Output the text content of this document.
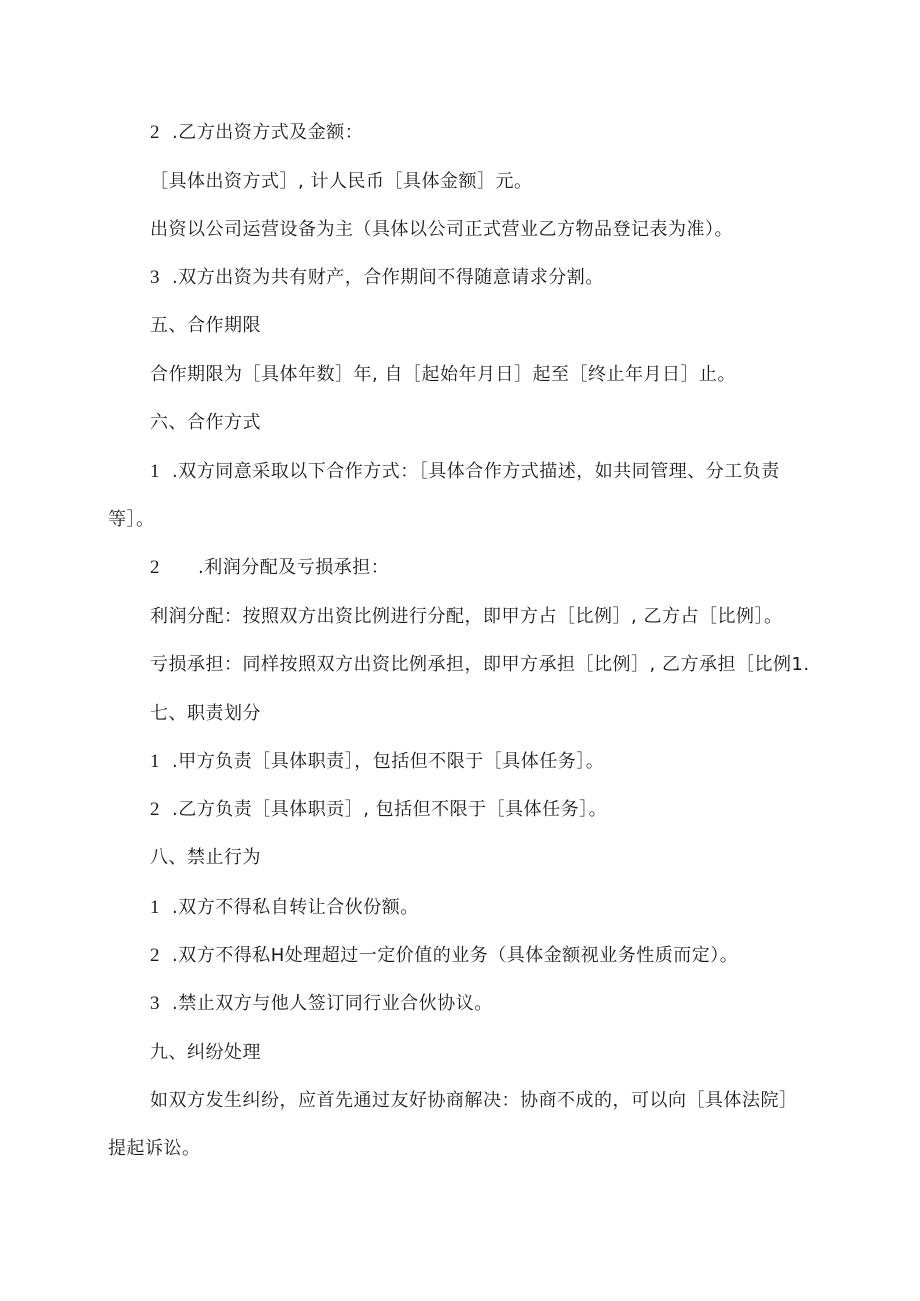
2 .乙方出资方式及金额：
［具体出资方式］, 计人民币［具体金额］元。
出资以公司运营设备为主（具体以公司正式营业乙方物品登记表为准）。
3 .双方出资为共有财产，合作期间不得随意请求分割。
五、合作期限
合作期限为［具体年数］年, 自［起始年月日］起至［终止年月日］止。
六、合作方式
1 .双方同意采取以下合作方式：［具体合作方式描述，如共同管理、分工负责
等］。
2 .利润分配及亏损承担：
利润分配：按照双方出资比例进行分配，即甲方占［比例］, 乙方占［比例］。
亏损承担：同样按照双方出资比例承担，即甲方承担［比例］, 乙方承担［比例1.
七、职责划分
1 .甲方负责［具体职责］，包括但不限于［具体任务］。
2 .乙方负责［具体职贡］, 包括但不限于［具体任务］。
八、禁止行为
1 .双方不得私自转让合伙份额。
2 .双方不得私H处理超过一定价值的业务（具体金额视业务性质而定）。
3 .禁止双方与他人签订同行业合伙协议。
九、纠纷处理
如双方发生纠纷，应首先通过友好协商解决：协商不成的，可以向［具体法院］
提起诉讼。
